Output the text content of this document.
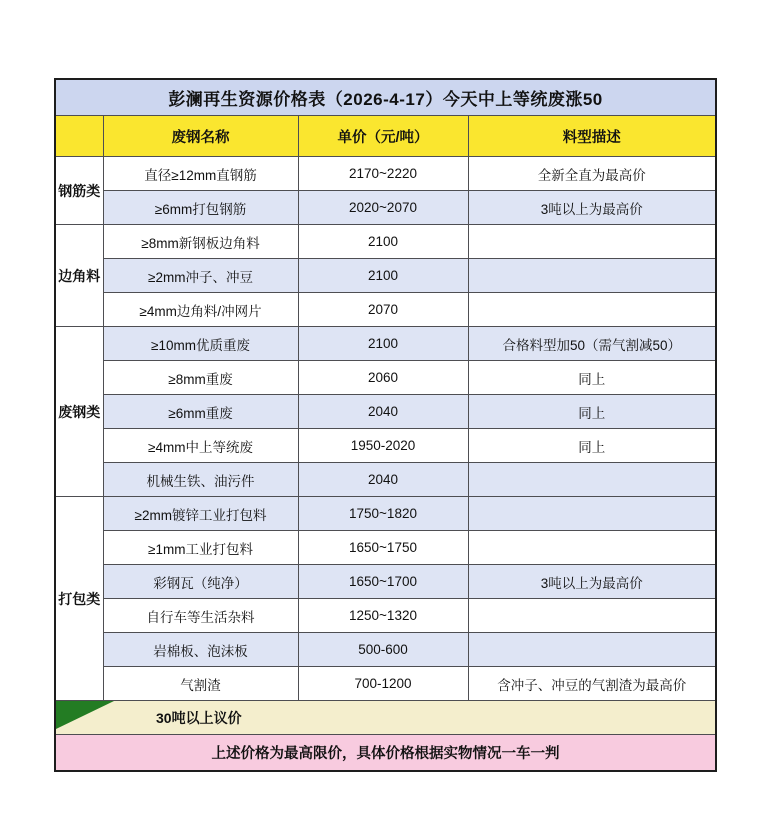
彭澜再生资源价格表（2026-4-17）今天中上等统废涨50			
	废钢名称	单价（元/吨）	料型描述
钢筋类	直径≥12mm直钢筋	2170~2220	全新全直为最高价
	≥6mm打包钢筋	2020~2070	3吨以上为最高价
边角料	≥8mm新钢板边角料	2100	
	≥2mm冲子、冲豆	2100	
	≥4mm边角料/冲网片	2070	
废钢类	≥10mm优质重废	2100	合格料型加50（需气割减50）
	≥8mm重废	2060	同上
	≥6mm重废	2040	同上
	≥4mm中上等统废	1950-2020	同上
	机械生铁、油污件	2040	
打包类	≥2mm镀锌工业打包料	1750~1820	
	≥1mm工业打包料	1650~1750	
	彩钢瓦（纯净）	1650~1700	3吨以上为最高价
	自行车等生活杂料	1250~1320	
	岩棉板、泡沫板	500-600	
	气割渣	700-1200	含冲子、冲豆的气割渣为最高价

30吨以上议价			
上述价格为最高限价，具体价格根据实物情况一车一判			
